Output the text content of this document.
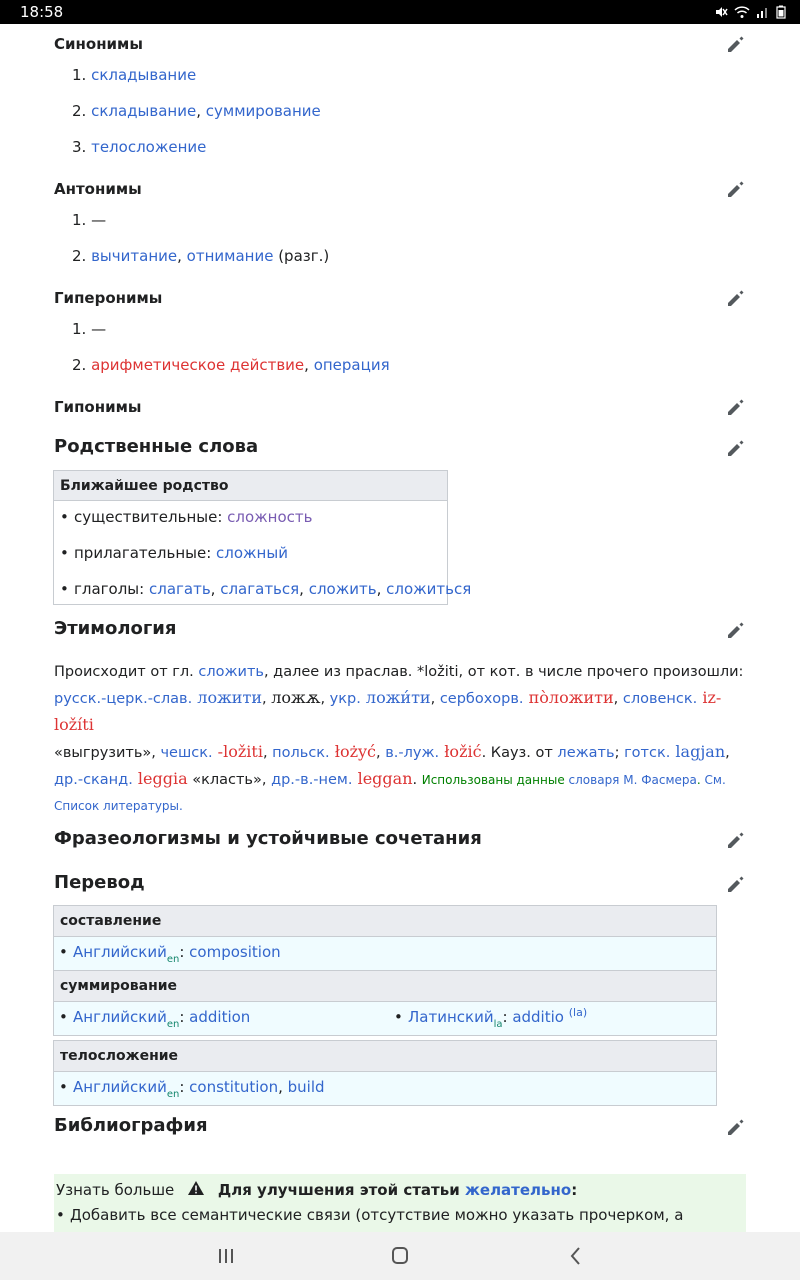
18:58
Синонимы
1. складывание
2. складывание, суммирование
3. телосложение
Антонимы
1. —
2. вычитание, отнимание (разг.)
Гиперонимы
1. —
2. арифметическое действие, операция
Гипонимы
Родственные слова
Ближайшее родство
• существительные: сложность
• прилагательные: сложный
• глаголы: слагать, слагаться, сложить, сложиться
Этимология
Происходит от гл. сложить, далее из праслав. *ložiti, от кот. в числе прочего произошли:
русск.-церк.-слав. ложити, ложѫ, укр. ложи́ти, сербохорв. по̀ложити, словенск. iz-ložíti
«выгрузить», чешск. -ložiti, польск. łożyć, в.-луж. łožić. Кауз. от лежать; готск. lagjan, др.-сканд. leggia «класть», др.-в.-нем. leggan. Использованы данные словаря М. Фасмера. См. Список литературы.
Фразеологизмы и устойчивые сочетания
Перевод
составление
• Английский$_{en}$: composition
суммирование
• Английский$_{en}$: addition
•	Латинский$_{la}$: additio $^{(la)}$
телосложение
• Английский$_{en}$: constitution, build
Библиография
Узнать больше	Для улучшения этой статьи желательно:
• Добавить все семантические связи (отсутствие можно указать прочерком, а
